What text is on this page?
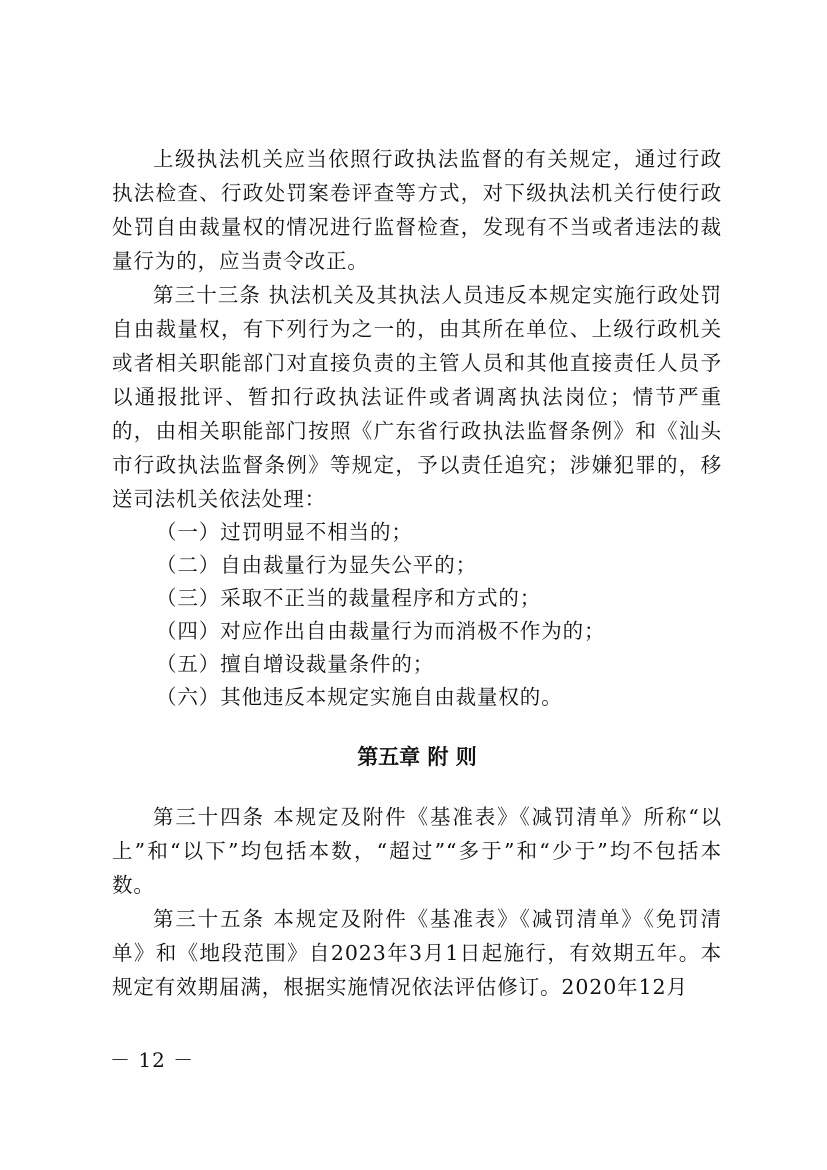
上级执法机关应当依照行政执法监督的有关规定，通过行政执法检查、行政处罚案卷评查等方式，对下级执法机关行使行政处罚自由裁量权的情况进行监督检查，发现有不当或者违法的裁量行为的，应当责令改正。

第三十三条 执法机关及其执法人员违反本规定实施行政处罚自由裁量权，有下列行为之一的，由其所在单位、上级行政机关或者相关职能部门对直接负责的主管人员和其他直接责任人员予以通报批评、暂扣行政执法证件或者调离执法岗位；情节严重的，由相关职能部门按照《广东省行政执法监督条例》和《汕头市行政执法监督条例》等规定，予以责任追究；涉嫌犯罪的，移送司法机关依法处理：

（一）过罚明显不相当的；

（二）自由裁量行为显失公平的；

（三）采取不正当的裁量程序和方式的；

（四）对应作出自由裁量行为而消极不作为的；

（五）擅自增设裁量条件的；

（六）其他违反本规定实施自由裁量权的。

第五章 附 则

第三十四条 本规定及附件《基准表》《减罚清单》所称“以上”和“以下”均包括本数，“超过”“多于”和“少于”均不包括本数。

第三十五条 本规定及附件《基准表》《减罚清单》《免罚清单》和《地段范围》自2023年3月1日起施行，有效期五年。本规定有效期届满，根据实施情况依法评估修订。2020年12月

－ 12 －
